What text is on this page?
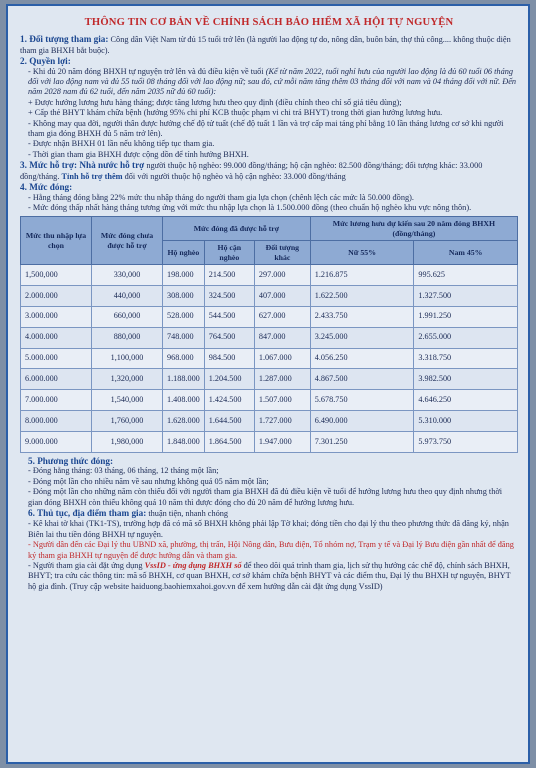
THÔNG TIN CƠ BẢN VỀ CHÍNH SÁCH BẢO HIỂM XÃ HỘI TỰ NGUYỆN

1. Đối tượng tham gia: Công dân Việt Nam từ đủ 15 tuổi trở lên (là người lao động tự do, nông dân, buôn bán, thợ thủ công.... không thuộc diện tham gia BHXH bắt buộc).

2. Quyền lợi:

- Khi đủ 20 năm đóng BHXH tự nguyện trở lên và đủ điều kiện về tuổi (Kể từ năm 2022, tuổi nghỉ hưu của người lao động là đủ 60 tuổi 06 tháng đối với lao động nam và đủ 55 tuổi 08 tháng đối với lao động nữ; sau đó, cứ mỗi năm tăng thêm 03 tháng đối với nam và 04 tháng đối với nữ. Đến năm 2028 nam đủ 62 tuổi, đến năm 2035 nữ đủ 60 tuổi):

+ Được hưởng lương hưu hàng tháng; được tăng lương hưu theo quy định (điều chỉnh theo chỉ số giá tiêu dùng);

+ Cấp thẻ BHYT khám chữa bệnh (hưởng 95% chi phí KCB thuộc phạm vi chi trả BHYT) trong thời gian hưởng lương hưu.

- Không may qua đời, người thân được hưởng chế độ tử tuất (chế độ tuất 1 lần và trợ cấp mai táng phí bằng 10 lần tháng lương cơ sở khi người tham gia đóng BHXH đủ 5 năm trở lên).

- Được nhận BHXH 01 lần nếu không tiếp tục tham gia.

- Thời gian tham gia BHXH được cộng dồn để tính hưởng BHXH.

3. Mức hỗ trợ: Nhà nước hỗ trợ người thuộc hộ nghèo: 99.000 đồng/tháng; hộ cận nghèo: 82.500 đồng/tháng; đối tượng khác: 33.000 đồng/tháng. Tỉnh hỗ trợ thêm đối với người thuộc hộ nghèo và hộ cận nghèo: 33.000 đồng/tháng

4. Mức đóng:

- Hằng tháng đóng bằng 22% mức thu nhập tháng do người tham gia lựa chọn (chênh lệch các mức là 50.000 đồng).

- Mức đóng thấp nhất hàng tháng tương ứng với mức thu nhập lựa chọn là 1.500.000 đồng (theo chuẩn hộ nghèo khu vực nông thôn).

Mức thu nhập lựa chọn	Mức đóng chưa được hỗ trợ	Mức đóng đã được hỗ trợ			Mức lương hưu dự kiến sau 20 năm đóng BHXH (đồng/tháng)	
		Hộ nghèo	Hộ cận nghèo	Đối tượng khác	Nữ 55%	Nam 45%
1,500,000	330,000	198.000	214.500	297.000	1.216.875	995.625
2.000.000	440,000	308.000	324.500	407.000	1.622.500	1.327.500
3.000.000	660,000	528.000	544.500	627.000	2.433.750	1.991.250
4.000.000	880,000	748.000	764.500	847.000	3.245.000	2.655.000
5.000.000	1,100,000	968.000	984.500	1.067.000	4.056.250	3.318.750
6.000.000	1,320,000	1.188.000	1.204.500	1.287.000	4.867.500	3.982.500
7.000.000	1,540,000	1.408.000	1.424.500	1.507.000	5.678.750	4.646.250
8.000.000	1,760,000	1.628.000	1.644.500	1.727.000	6.490.000	5.310.000
9.000.000	1,980,000	1.848.000	1.864.500	1.947.000	7.301.250	5.973.750

5. Phương thức đóng:

- Đóng hằng tháng: 03 tháng, 06 tháng, 12 tháng một lần;

- Đóng một lần cho nhiều năm về sau nhưng không quá 05 năm một lần;

- Đóng một lần cho những năm còn thiếu đối với người tham gia BHXH đã đủ điều kiện về tuổi để hưởng lương hưu theo quy định nhưng thời gian đóng BHXH còn thiếu không quá 10 năm thì được đóng cho đủ 20 năm để hưởng lương hưu.

6. Thủ tục, địa điểm tham gia: thuận tiện, nhanh chóng

- Kê khai tờ khai (TK1-TS), trường hợp đã có mã số BHXH không phải lập Tờ khai; đóng tiền cho đại lý thu theo phương thức đã đăng ký, nhận Biên lai thu tiền đóng BHXH tự nguyện.

- Người dân đến các Đại lý thu UBND xã, phường, thị trấn, Hội Nông dân, Bưu điện, Tổ nhóm nợ, Trạm y tế và Đại lý Bưu điện gần nhất để đăng ký tham gia BHXH tự nguyện để được hướng dẫn và tham gia.

- Người tham gia cài đặt ứng dụng VssID - ứng dụng BHXH số để theo dõi quá trình tham gia, lịch sử thụ hưởng các chế độ, chính sách BHXH, BHYT; tra cứu các thông tin: mã số BHXH, cơ quan BHXH, cơ sở khám chữa bệnh BHYT và các điểm thu, Đại lý thu BHXH tự nguyện, BHYT hộ gia đình. (Truy cập website haiduong.baohiemxahoi.gov.vn để xem hướng dẫn cài đặt ứng dụng VssID)
